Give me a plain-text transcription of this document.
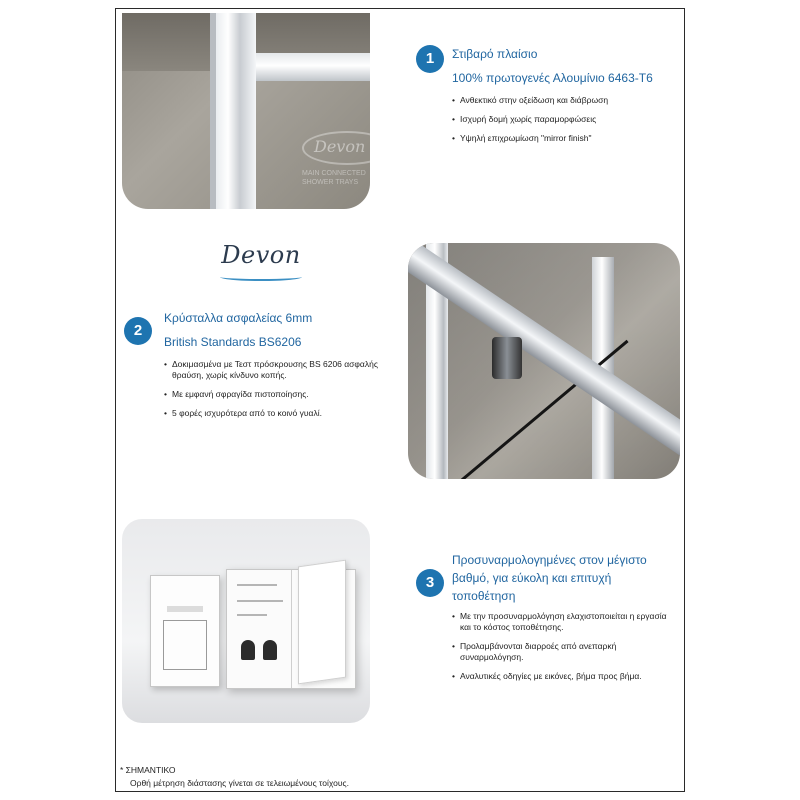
Devon
MAIN CONNECTED
SHOWER TRAYS
1	Στιβαρό πλαίσιο
100% πρωτογενές Αλουμίνιο 6463-T6
• Ανθεκτικό στην οξείδωση και διάβρωση
• Ισχυρή δομή χωρίς παραμορφώσεις
• Υψηλή επιχρωμίωση "mirror finish"
Devon
2
Κρύσταλλα ασφαλείας 6mm
British Standards BS6206
• Δοκιμασμένα με Τεστ πρόσκρουσης BS 6206 ασφαλής θραύση, χωρίς κίνδυνο κοπής.
• Με εμφανή σφραγίδα πιστοποίησης.
• 5 φορές ισχυρότερα από το κοινό γυαλί.
3
Προσυναρμολογημένες στον μέγιστο βαθμό, για εύκολη και επιτυχή τοποθέτηση
• Με την προσυναρμολόγηση ελαχιστοποιείται η εργασία και το κόστος τοποθέτησης.
• Προλαμβάνονται διαρροές από ανεπαρκή συναρμολόγηση.
• Αναλυτικές οδηγίες με εικόνες, βήμα προς βήμα.
* ΣΗΜΑΝΤΙΚΟ
Ορθή μέτρηση διάστασης γίνεται σε τελειωμένους τοίχους.
